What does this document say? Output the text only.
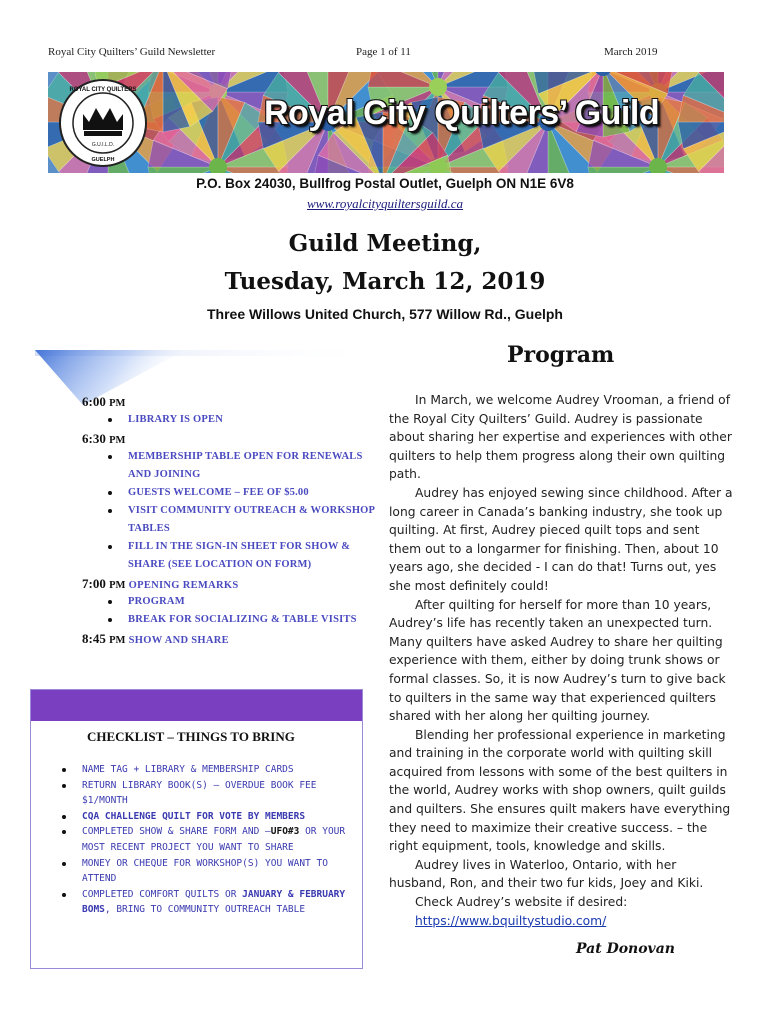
Royal City Quilters’ Guild Newsletter	Page 1 of 11	March 2019
ROYAL CITY QUILTERS
G.U.I.L.D.
GUELPH
Royal City Quilters’ Guild
P.O. Box 24030, Bullfrog Postal Outlet, Guelph ON N1E 6V8
www.royalcityquiltersguild.ca
Guild Meeting,
Tuesday, March 12, 2019
Three Willows United Church, 577 Willow Rd., Guelph
Program
6:00 PM
LIBRARY IS OPEN
6:30 PM
MEMBERSHIP TABLE OPEN FOR RENEWALS AND JOINING
GUESTS WELCOME – FEE OF $5.00
VISIT COMMUNITY OUTREACH & WORKSHOP TABLES
FILL IN THE SIGN-IN SHEET FOR SHOW & SHARE (SEE LOCATION ON FORM)
7:00 PM OPENING REMARKS
PROGRAM
BREAK FOR SOCIALIZING & TABLE VISITS
8:45 PM SHOW AND SHARE
CHECKLIST – THINGS TO BRING
NAME TAG + LIBRARY & MEMBERSHIP CARDS
RETURN LIBRARY BOOK(S) – OVERDUE BOOK FEE $1/MONTH
CQA CHALLENGE QUILT FOR VOTE BY MEMBERS
COMPLETED SHOW & SHARE FORM AND –UFO#3 OR YOUR MOST RECENT PROJECT YOU WANT TO SHARE
MONEY OR CHEQUE FOR WORKSHOP(S) YOU WANT TO ATTEND
COMPLETED COMFORT QUILTS OR JANUARY & FEBRUARY BOMS, BRING TO COMMUNITY OUTREACH TABLE

In March, we welcome Audrey Vrooman, a friend of the Royal City Quilters’ Guild. Audrey is passionate about sharing her expertise and experiences with other quilters to help them progress along their own quilting path.

Audrey has enjoyed sewing since childhood. After a long career in Canada’s banking industry, she took up quilting. At first, Audrey pieced quilt tops and sent them out to a longarmer for finishing. Then, about 10 years ago, she decided - I can do that! Turns out, yes she most definitely could!

After quilting for herself for more than 10 years, Audrey’s life has recently taken an unexpected turn. Many quilters have asked Audrey to share her quilting experience with them, either by doing trunk shows or formal classes. So, it is now Audrey’s turn to give back to quilters in the same way that experienced quilters shared with her along her quilting journey.

Blending her professional experience in marketing and training in the corporate world with quilting skill acquired from lessons with some of the best quilters in the world, Audrey works with shop owners, quilt guilds and quilters. She ensures quilt makers have everything they need to maximize their creative success. – the right equipment, tools, knowledge and skills.

Audrey lives in Waterloo, Ontario, with her husband, Ron, and their two fur kids, Joey and Kiki.

Check Audrey’s website if desired:

https://www.bquiltystudio.com/

Pat Donovan
